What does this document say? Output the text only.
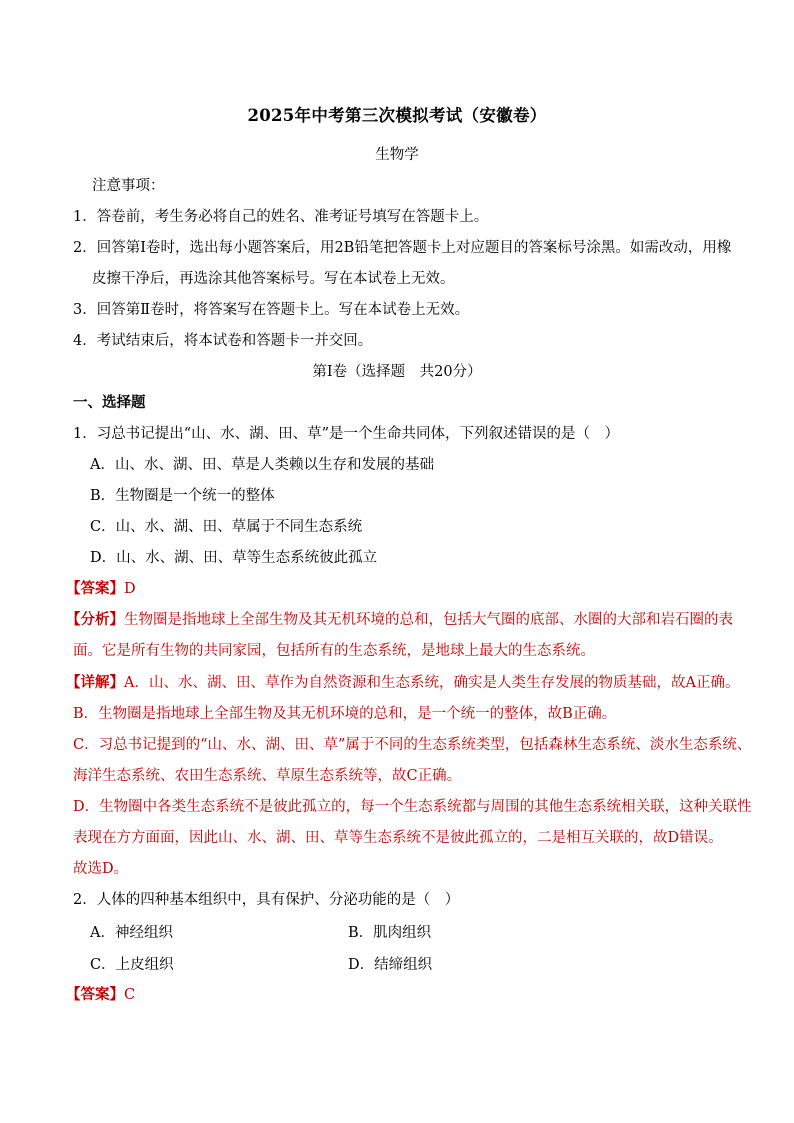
2025年中考第三次模拟考试（安徽卷）
生物学
注意事项：
1．答卷前，考生务必将自己的姓名、准考证号填写在答题卡上。
2．回答第Ⅰ卷时，选出每小题答案后，用2B铅笔把答题卡上对应题目的答案标号涂黑。如需改动，用橡
皮擦干净后，再选涂其他答案标号。写在本试卷上无效。
3．回答第Ⅱ卷时，将答案写在答题卡上。写在本试卷上无效。
4．考试结束后，将本试卷和答题卡一并交回。
第Ⅰ卷（选择题　共20分）
一、选择题
1．习总书记提出“山、水、湖、田、草”是一个生命共同体，下列叙述错误的是（　）
A．山、水、湖、田、草是人类赖以生存和发展的基础
B．生物圈是一个统一的整体
C．山、水、湖、田、草属于不同生态系统
D．山、水、湖、田、草等生态系统彼此孤立
【答案】D
【分析】生物圈是指地球上全部生物及其无机环境的总和，包括大气圈的底部、水圈的大部和岩石圈的表
面。它是所有生物的共同家园，包括所有的生态系统，是地球上最大的生态系统。
【详解】A．山、水、湖、田、草作为自然资源和生态系统，确实是人类生存发展的物质基础，故A正确。
B．生物圈是指地球上全部生物及其无机环境的总和，是一个统一的整体，故B正确。
C．习总书记提到的“山、水、湖、田、草”属于不同的生态系统类型，包括森林生态系统、淡水生态系统、
海洋生态系统、农田生态系统、草原生态系统等，故C正确。
D．生物圈中各类生态系统不是彼此孤立的，每一个生态系统都与周围的其他生态系统相关联，这种关联性
表现在方方面面，因此山、水、湖、田、草等生态系统不是彼此孤立的，二是相互关联的，故D错误。
故选D。
2．人体的四种基本组织中，具有保护、分泌功能的是（　）
A．神经组织	B．肌肉组织
C．上皮组织	D．结缔组织
【答案】C
